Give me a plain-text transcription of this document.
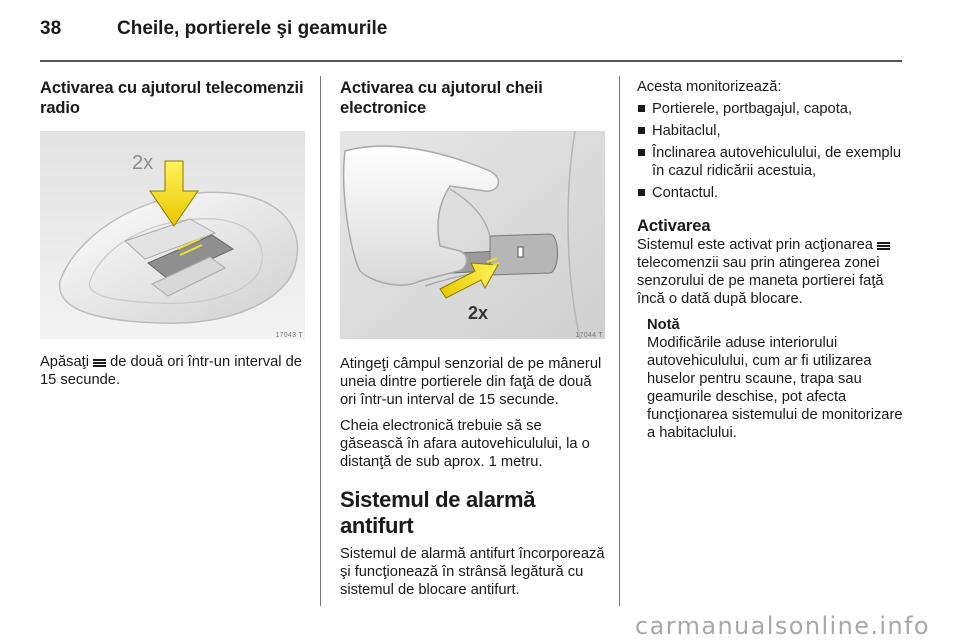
38	Cheile, portierele şi geamurile
Activarea cu ajutorul telecomenzii radio
2x
17043 T

Apăsaţi de două ori într-un interval de 15 secunde.

Activarea cu ajutorul cheii electronice
2x
17044 T

Atingeţi câmpul senzorial de pe mânerul uneia dintre portierele din faţă de două ori într-un interval de 15 secunde.

Cheia electronică trebuie să se găsească în afara autovehiculului, la o distanţă de sub aprox. 1 metru.

Sistemul de alarmă antifurt

Sistemul de alarmă antifurt încorporează şi funcţionează în strânsă legătură cu sistemul de blocare antifurt.

Acesta monitorizează:

Portierele, portbagajul, capota,

Habitaclul,

Înclinarea autovehiculului, de exemplu în cazul ridicării acestuia,

Contactul.

Activarea

Sistemul este activat prin acţionarea telecomenzii sau prin atingerea zonei senzorului de pe maneta portierei faţă încă o dată după blocare.

Notă

Modificările aduse interiorului autovehiculului, cum ar fi utilizarea huselor pentru scaune, trapa sau geamurile deschise, pot afecta funcţionarea sistemului de monitorizare a habitaclului.

carmanualsonline.info
